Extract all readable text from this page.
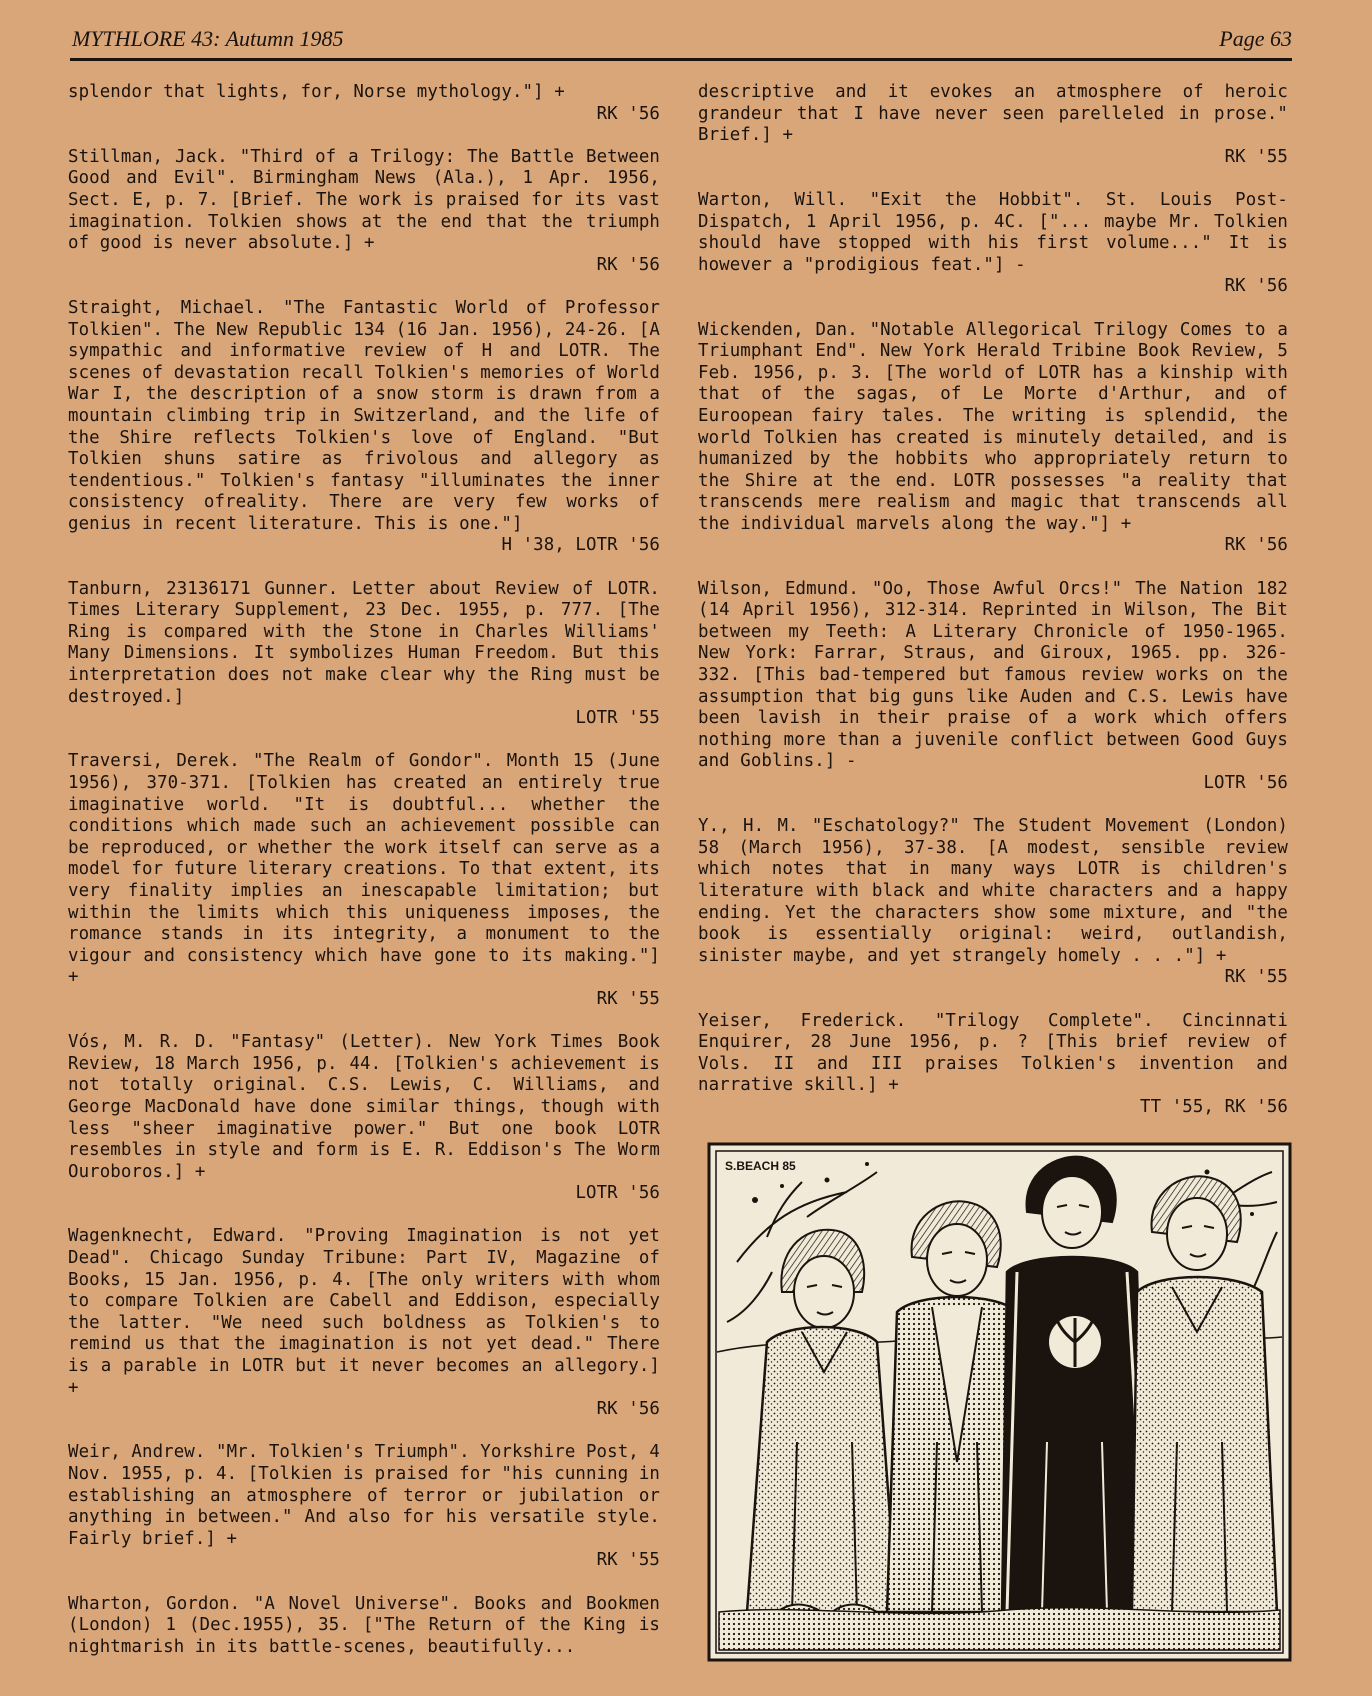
MYTHLORE 43: Autumn 1985	Page 63

splendor that lights, for, Norse mythology."] +

RK '56

Stillman, Jack. "Third of a Trilogy: The Battle Between Good and Evil". Birmingham News (Ala.), 1 Apr. 1956, Sect. E, p. 7. [Brief. The work is praised for its vast imagination. Tolkien shows at the end that the triumph of good is never absolute.] +

RK '56

Straight, Michael. "The Fantastic World of Professor Tolkien". The New Republic 134 (16 Jan. 1956), 24-26. [A sympathic and informative review of H and LOTR. The scenes of devastation recall Tolkien's memories of World War I, the description of a snow storm is drawn from a mountain climbing trip in Switzerland, and the life of the Shire reflects Tolkien's love of England. "But Tolkien shuns satire as frivolous and allegory as tendentious." Tolkien's fantasy "illuminates the inner consistency ofreality. There are very few works of genius in recent literature. This is one."]

H '38, LOTR '56

Tanburn, 23136171 Gunner. Letter about Review of LOTR. Times Literary Supplement, 23 Dec. 1955, p. 777. [The Ring is compared with the Stone in Charles Williams' Many Dimensions. It symbolizes Human Freedom. But this interpretation does not make clear why the Ring must be destroyed.]

LOTR '55

Traversi, Derek. "The Realm of Gondor". Month 15 (June 1956), 370-371. [Tolkien has created an entirely true imaginative world. "It is doubtful... whether the conditions which made such an achievement possible can be reproduced, or whether the work itself can serve as a model for future literary creations. To that extent, its very finality implies an inescapable limitation; but within the limits which this uniqueness imposes, the romance stands in its integrity, a monument to the vigour and consistency which have gone to its making."] +

RK '55

Vós, M. R. D. "Fantasy" (Letter). New York Times Book Review, 18 March 1956, p. 44. [Tolkien's achievement is not totally original. C.S. Lewis, C. Williams, and George MacDonald have done similar things, though with less "sheer imaginative power." But one book LOTR resembles in style and form is E. R. Eddison's The Worm Ouroboros.] +

LOTR '56

Wagenknecht, Edward. "Proving Imagination is not yet Dead". Chicago Sunday Tribune: Part IV, Magazine of Books, 15 Jan. 1956, p. 4. [The only writers with whom to compare Tolkien are Cabell and Eddison, especially the latter. "We need such boldness as Tolkien's to remind us that the imagination is not yet dead." There is a parable in LOTR but it never becomes an allegory.] +

RK '56

Weir, Andrew. "Mr. Tolkien's Triumph". Yorkshire Post, 4 Nov. 1955, p. 4. [Tolkien is praised for "his cunning in establishing an atmosphere of terror or jubilation or anything in between." And also for his versatile style. Fairly brief.] +

RK '55

Wharton, Gordon. "A Novel Universe". Books and Bookmen (London) 1 (Dec.1955), 35. ["The Return of the King is nightmarish in its battle-scenes, beautifully...

descriptive and it evokes an atmosphere of heroic grandeur that I have never seen parelleled in prose." Brief.] +

RK '55

Warton, Will. "Exit the Hobbit". St. Louis Post-Dispatch, 1 April 1956, p. 4C. ["... maybe Mr. Tolkien should have stopped with his first volume..." It is however a "prodigious feat."] -

RK '56

Wickenden, Dan. "Notable Allegorical Trilogy Comes to a Triumphant End". New York Herald Tribine Book Review, 5 Feb. 1956, p. 3. [The world of LOTR has a kinship with that of the sagas, of Le Morte d'Arthur, and of Euroopean fairy tales. The writing is splendid, the world Tolkien has created is minutely detailed, and is humanized by the hobbits who appropriately return to the Shire at the end. LOTR possesses "a reality that transcends mere realism and magic that transcends all the individual marvels along the way."] +

RK '56

Wilson, Edmund. "Oo, Those Awful Orcs!" The Nation 182 (14 April 1956), 312-314. Reprinted in Wilson, The Bit between my Teeth: A Literary Chronicle of 1950-1965. New York: Farrar, Straus, and Giroux, 1965. pp. 326-332. [This bad-tempered but famous review works on the assumption that big guns like Auden and C.S. Lewis have been lavish in their praise of a work which offers nothing more than a juvenile conflict between Good Guys and Goblins.] -

LOTR '56

Y., H. M. "Eschatology?" The Student Movement (London) 58 (March 1956), 37-38. [A modest, sensible review which notes that in many ways LOTR is children's literature with black and white characters and a happy ending. Yet the characters show some mixture, and "the book is essentially original: weird, outlandish, sinister maybe, and yet strangely homely . . ."] +

RK '55

Yeiser, Frederick. "Trilogy Complete". Cincinnati Enquirer, 28 June 1956, p. ? [This brief review of Vols. II and III praises Tolkien's invention and narrative skill.] +

TT '55, RK '56
S.BEACH 85
